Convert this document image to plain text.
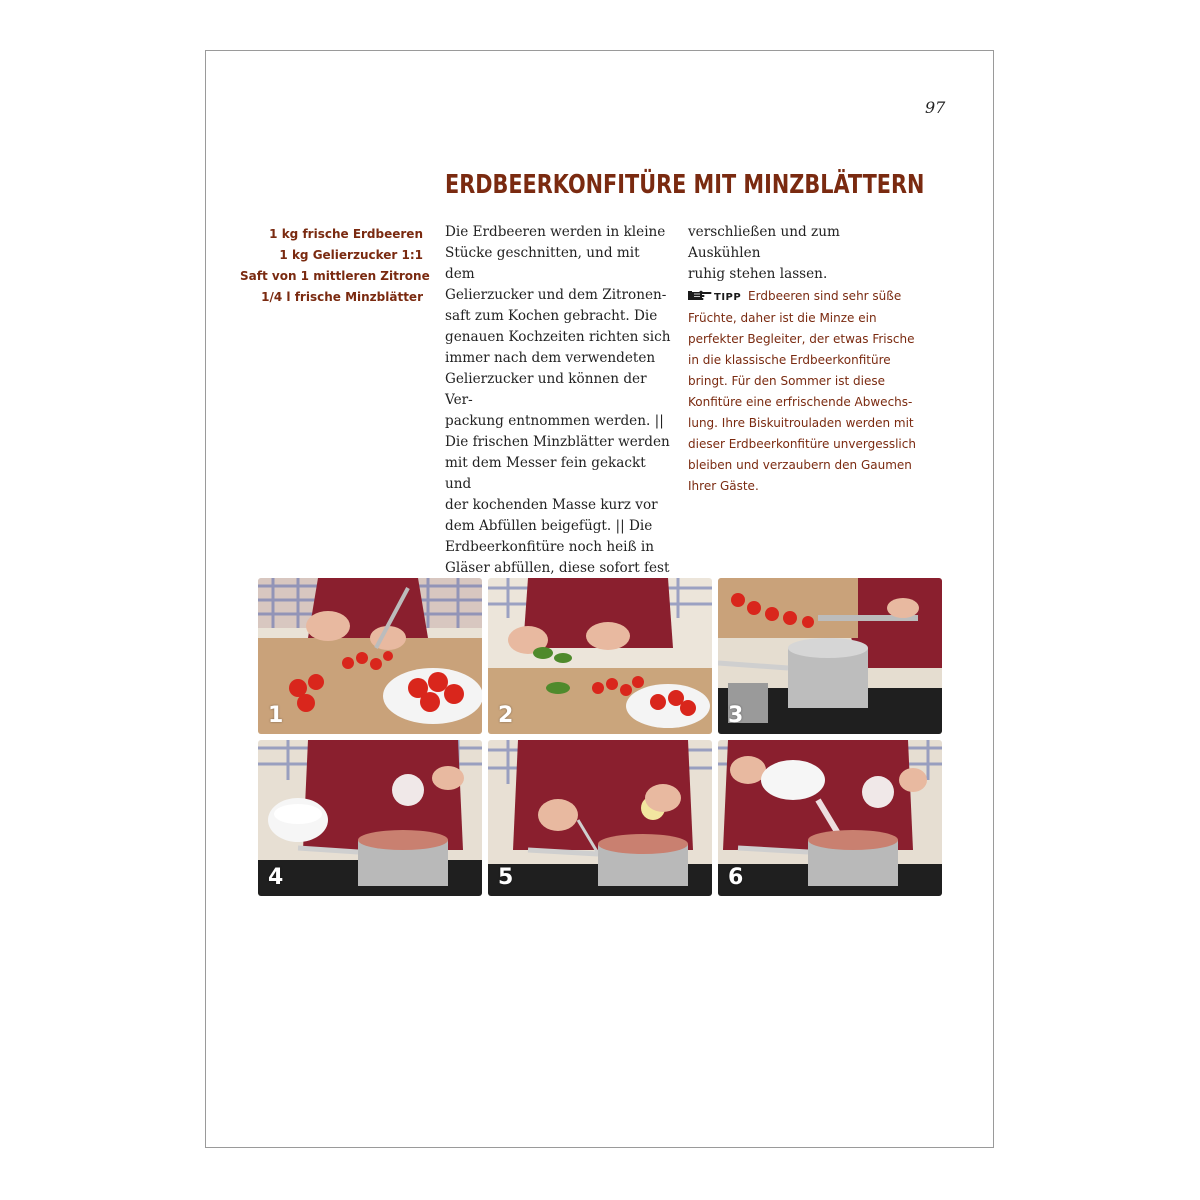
97
ERDBEERKONFITÜRE MIT MINZBLÄTTERN
1 kg frische Erdbeeren
1 kg Gelierzucker 1:1
Saft von 1 mittleren Zitrone
1/4 l frische Minzblätter

Die Erdbeeren werden in kleine

Stücke geschnitten, und mit dem

Gelierzucker und dem Zitronen-

saft zum Kochen gebracht. Die

genauen Kochzeiten richten sich

immer nach dem verwendeten

Gelierzucker und können der Ver-

packung entnommen werden. ||

Die frischen Minzblätter werden

mit dem Messer fein gekackt und

der kochenden Masse kurz vor

dem Abfüllen beigefügt. || Die

Erdbeerkonfitüre noch heiß in

Gläser abfüllen, diese sofort fest

verschließen und zum Auskühlen

ruhig stehen lassen.

TIPP Erdbeeren sind sehr süße
Früchte, daher ist die Minze ein
perfekter Begleiter, der etwas Frische
in die klassische Erdbeerkonfitüre
bringt. Für den Sommer ist diese
Konfitüre eine erfrischende Abwechs-
lung. Ihre Biskuitrouladen werden mit
dieser Erdbeerkonfitüre unvergesslich
bleiben und verzaubern den Gaumen
Ihrer Gäste.
1	2	3
4	5	6
